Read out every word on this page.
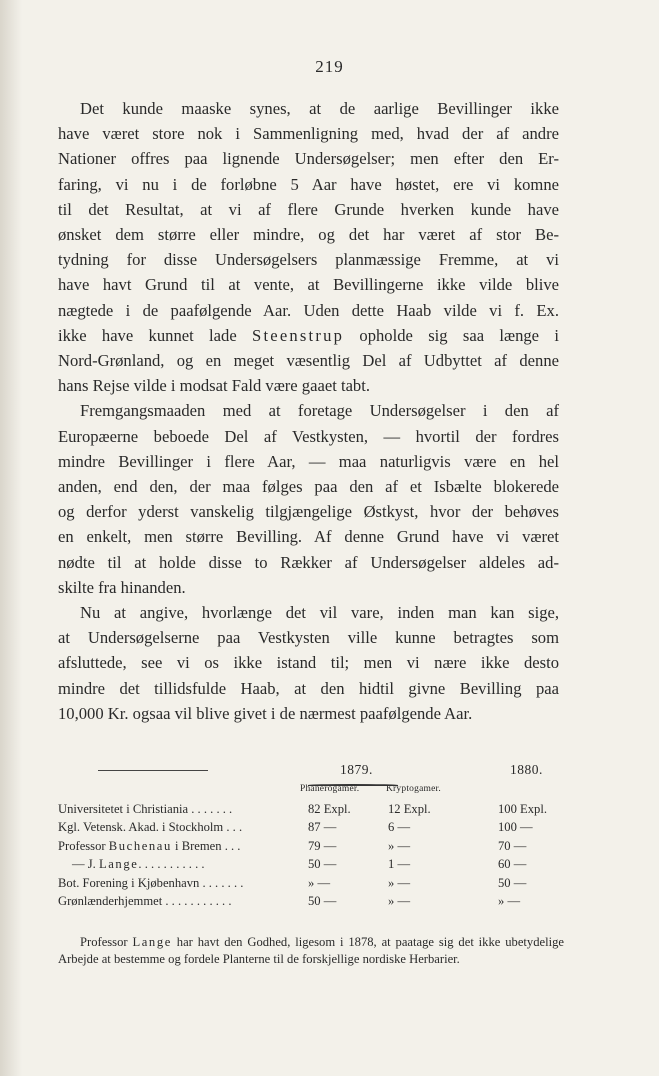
219

Det kunde maaske synes, at de aarlige Bevillinger ikke

have været store nok i Sammenligning med, hvad der af andre

Nationer offres paa lignende Undersøgelser; men efter den Er-

faring, vi nu i de forløbne 5 Aar have høstet, ere vi komne

til det Resultat, at vi af flere Grunde hverken kunde have

ønsket dem større eller mindre, og det har været af stor Be-

tydning for disse Undersøgelsers planmæssige Fremme, at vi

have havt Grund til at vente, at Bevillingerne ikke vilde blive

nægtede i de paafølgende Aar. Uden dette Haab vilde vi f. Ex.

ikke have kunnet lade Steenstrup opholde sig saa længe i

Nord-Grønland, og en meget væsentlig Del af Udbyttet af denne

hans Rejse vilde i modsat Fald være gaaet tabt.

Fremgangsmaaden med at foretage Undersøgelser i den af

Europæerne beboede Del af Vestkysten, — hvortil der fordres

mindre Bevillinger i flere Aar, — maa naturligvis være en hel

anden, end den, der maa følges paa den af et Isbælte blokerede

og derfor yderst vanskelig tilgjængelige Østkyst, hvor der behøves

en enkelt, men større Bevilling. Af denne Grund have vi været

nødte til at holde disse to Rækker af Undersøgelser aldeles ad-

skilte fra hinanden.

Nu at angive, hvorlænge det vil vare, inden man kan sige,

at Undersøgelserne paa Vestkysten ville kunne betragtes som

afsluttede, see vi os ikke istand til; men vi nære ikke desto

mindre det tillidsfulde Haab, at den hidtil givne Bevilling paa

10,000 Kr. ogsaa vil blive givet i de nærmest paafølgende Aar.

1879.	1880.
Phanerogamer.	Kryptogamer.
Universitetet i Christiania . . . . . . .	82 Expl.	12 Expl.	100 Expl.
Kgl. Vetensk. Akad. i Stockholm . . .	87 —	6 —	100 —
Professor Buchenau i Bremen . . .	79 —	» —	70 —
— J. Lange. . . . . . . . . . .	50 —	1 —	60 —
Bot. Forening i Kjøbenhavn . . . . . . .	» —	» —	50 —
Grønlænderhjemmet . . . . . . . . . . .	50 —	» —	» —
Professor Lange har havt den Godhed, ligesom i 1878, at paatage sig det ikke ubetydelige Arbejde at bestemme og fordele Planterne til de forskjellige nordiske Herbarier.
